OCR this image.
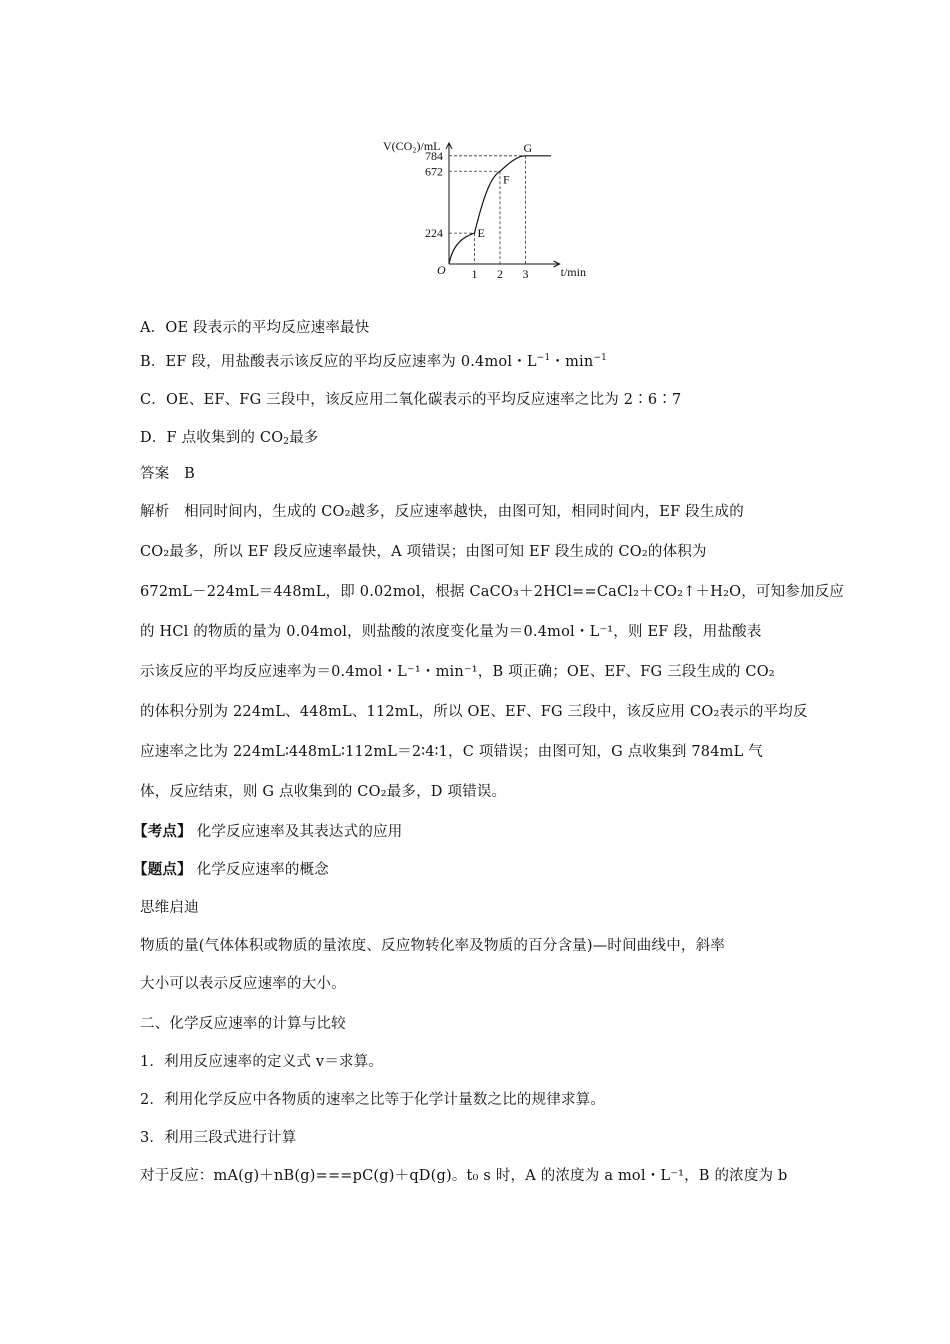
V(CO₂)/mL
t/min
O 1 2 3
224
672
784
E
F
G
A．OE 段表示的平均反应速率最快
B．EF 段，用盐酸表示该反应的平均反应速率为 0.4mol・$L^{-1}$・$\min^{-1}$
C．OE、EF、FG 三段中，该反应用二氧化碳表示的平均反应速率之比为 2∶6∶7
D．F 点收集到的 $CO_2$最多
答案　B
解析　相同时间内，生成的 CO₂越多，反应速率越快，由图可知，相同时间内，EF 段生成的
CO₂最多，所以 EF 段反应速率最快，A 项错误；由图可知 EF 段生成的 CO₂的体积为
672mL－224mL＝448mL，即 0.02mol，根据 CaCO₃＋2HCl==CaCl₂＋CO₂↑＋H₂O，可知参加反应
的 HCl 的物质的量为 0.04mol，则盐酸的浓度变化量为＝0.4mol・L⁻¹，则 EF 段，用盐酸表
示该反应的平均反应速率为＝0.4mol・L⁻¹・min⁻¹，B 项正确；OE、EF、FG 三段生成的 CO₂
的体积分别为 224mL、448mL、112mL，所以 OE、EF、FG 三段中，该反应用 CO₂表示的平均反
应速率之比为 224mL∶448mL∶112mL＝2∶4∶1，C 项错误；由图可知，G 点收集到 784mL 气
体，反应结束，则 G 点收集到的 CO₂最多，D 项错误。
【考点】 化学反应速率及其表达式的应用
【题点】 化学反应速率的概念
思维启迪
物质的量(气体体积或物质的量浓度、反应物转化率及物质的百分含量)—时间曲线中，斜率
大小可以表示反应速率的大小。
二、化学反应速率的计算与比较
1．利用反应速率的定义式 v＝求算。
2．利用化学反应中各物质的速率之比等于化学计量数之比的规律求算。
3．利用三段式进行计算
对于反应：mA(g)＋nB(g)===pC(g)＋qD(g)。t₀ s 时，A 的浓度为 a mol・L⁻¹，B 的浓度为 b
